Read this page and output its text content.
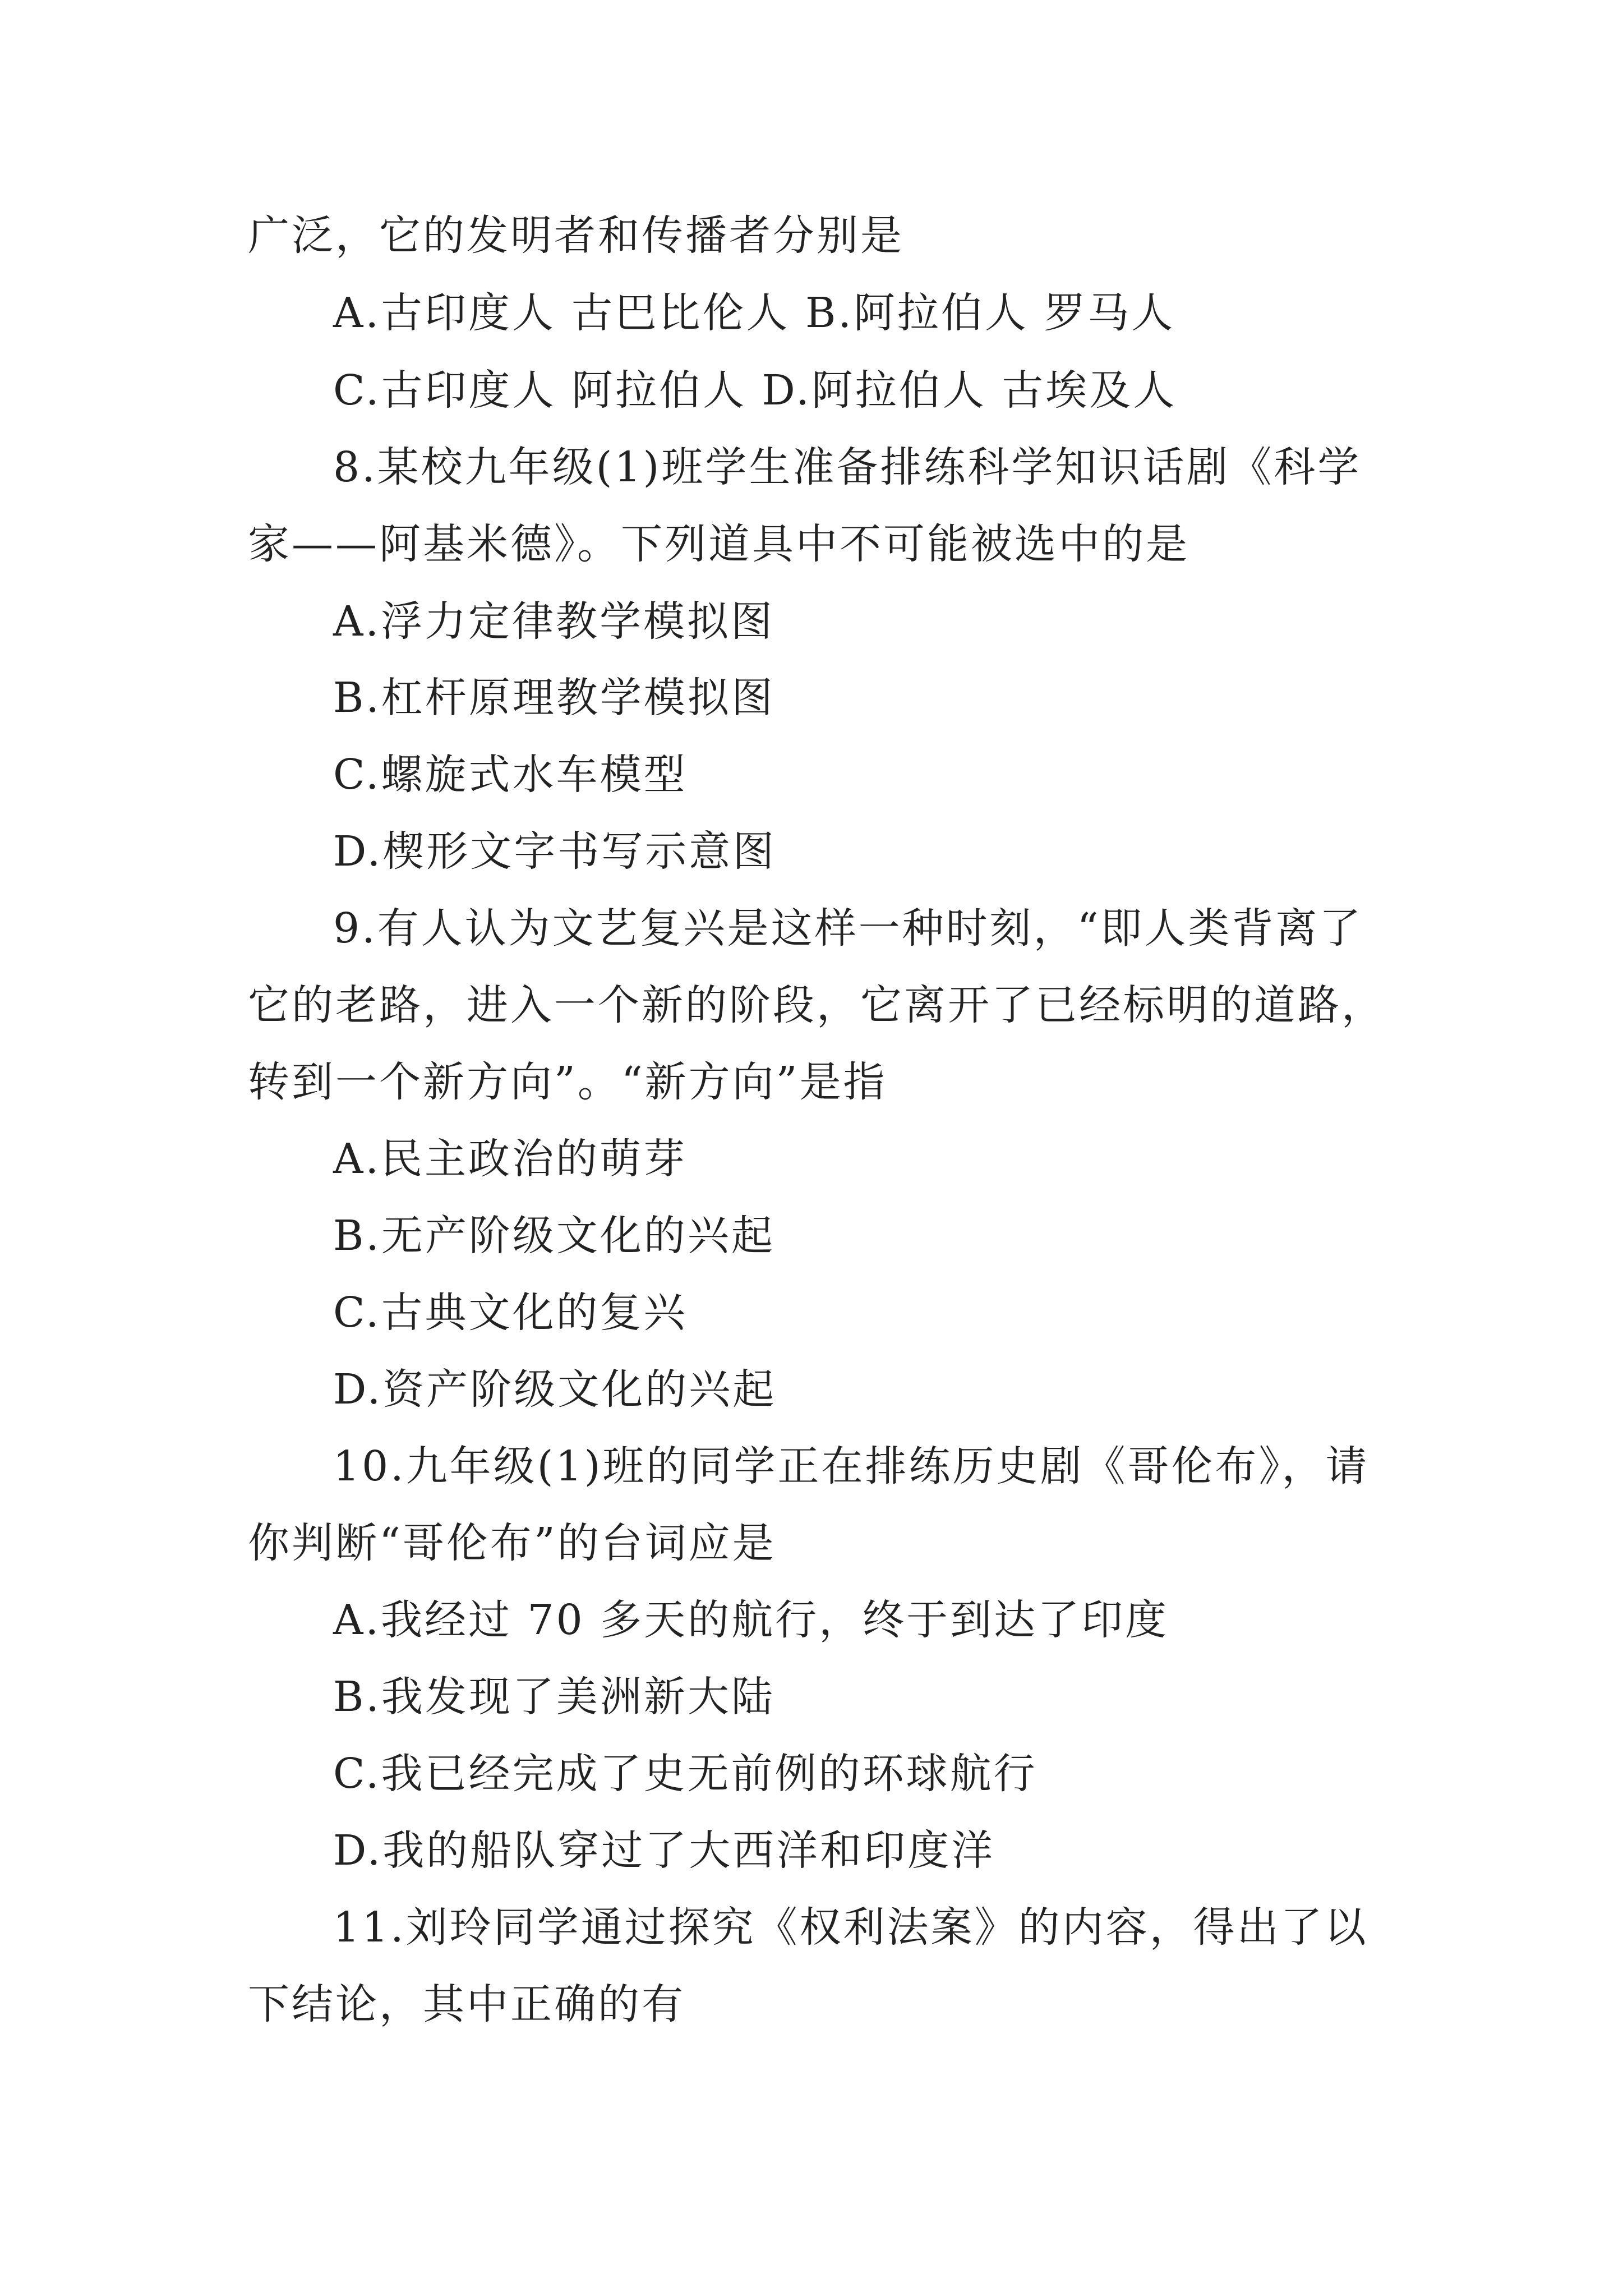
广泛，它的发明者和传播者分别是
A.古印度人 古巴比伦人 B.阿拉伯人 罗马人
C.古印度人 阿拉伯人 D.阿拉伯人 古埃及人
8.某校九年级(1)班学生准备排练科学知识话剧《科学
家——阿基米德》。下列道具中不可能被选中的是
A.浮力定律教学模拟图
B.杠杆原理教学模拟图
C.螺旋式水车模型
D.楔形文字书写示意图
9.有人认为文艺复兴是这样一种时刻，“即人类背离了
它的老路，进入一个新的阶段，它离开了已经标明的道路，
转到一个新方向”。“新方向”是指
A.民主政治的萌芽
B.无产阶级文化的兴起
C.古典文化的复兴
D.资产阶级文化的兴起
10.九年级(1)班的同学正在排练历史剧《哥伦布》，请
你判断“哥伦布”的台词应是
A.我经过 70 多天的航行，终于到达了印度
B.我发现了美洲新大陆
C.我已经完成了史无前例的环球航行
D.我的船队穿过了大西洋和印度洋
11.刘玲同学通过探究《权利法案》的内容，得出了以
下结论，其中正确的有
